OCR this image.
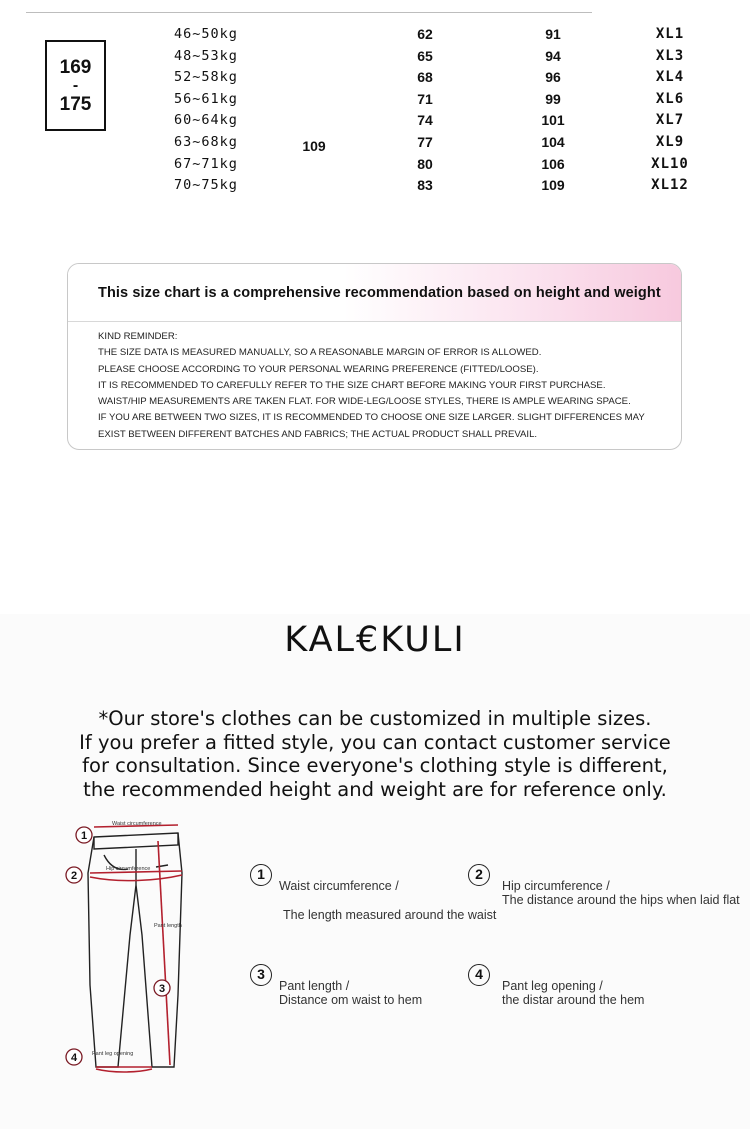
169
-
175
46~50kg	62	91	XL1
48~53kg	65	94	XL3
52~58kg	68	96	XL4
56~61kg	71	99	XL6
60~64kg	74	101	XL7
63~68kg	77	104	XL9
67~71kg	80	106	XL10
70~75kg	83	109	XL12
109
This size chart is a comprehensive recommendation based on height and weight

KIND REMINDER:

THE SIZE DATA IS MEASURED MANUALLY, SO A REASONABLE MARGIN OF ERROR IS ALLOWED.

PLEASE CHOOSE ACCORDING TO YOUR PERSONAL WEARING PREFERENCE (FITTED/LOOSE).

IT IS RECOMMENDED TO CAREFULLY REFER TO THE SIZE CHART BEFORE MAKING YOUR FIRST PURCHASE.

WAIST/HIP MEASUREMENTS ARE TAKEN FLAT. FOR WIDE-LEG/LOOSE STYLES, THERE IS AMPLE WEARING SPACE.

IF YOU ARE BETWEEN TWO SIZES, IT IS RECOMMENDED TO CHOOSE ONE SIZE LARGER. SLIGHT DIFFERENCES MAY

EXIST BETWEEN DIFFERENT BATCHES AND FABRICS; THE ACTUAL PRODUCT SHALL PREVAIL.

KAL€KULI

*Our store's clothes can be customized in multiple sizes.

If you prefer a fitted style, you can contact customer service

for consultation. Since everyone's clothing style is different,

the recommended height and weight are for reference only.

Waist circumference
Hip circumference
Pant length
Pant leg opening
1
2
3
4
1
Waist circumference /
The length measured around the waist
2
Hip circumference /
The distance around the hips when laid flat
3
Pant length /
Distance om waist to hem
4
Pant leg opening /
the distar around the hem
